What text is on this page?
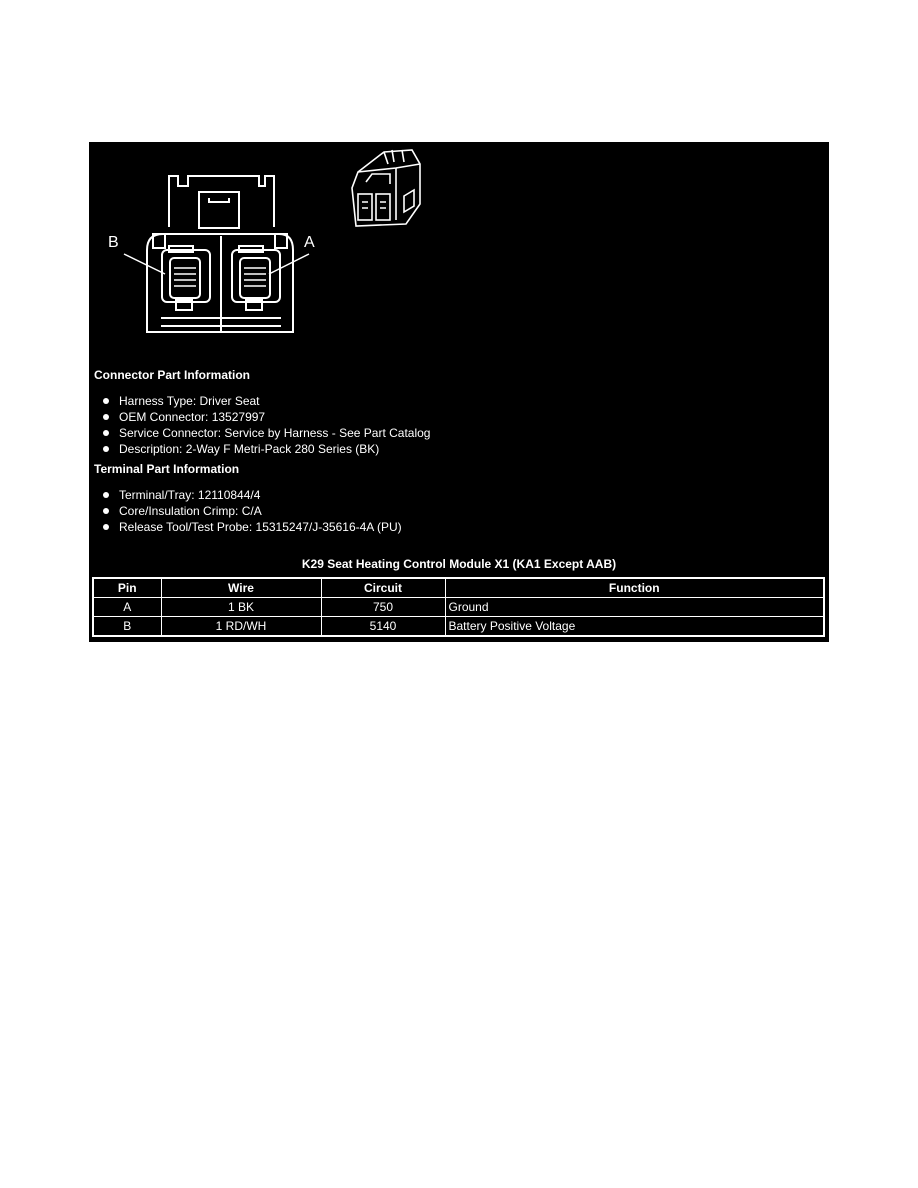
B	A
Connector Part Information
Harness Type: Driver Seat
OEM Connector: 13527997
Service Connector: Service by Harness - See Part Catalog
Description: 2-Way F Metri-Pack 280 Series (BK)
Terminal Part Information
Terminal/Tray: 12110844/4
Core/Insulation Crimp: C/A
Release Tool/Test Probe: 15315247/J-35616-4A (PU)
K29 Seat Heating Control Module X1 (KA1 Except AAB)
Pin	Wire	Circuit	Function
A	1 BK	750	Ground
B	1 RD/WH	5140	Battery Positive Voltage
